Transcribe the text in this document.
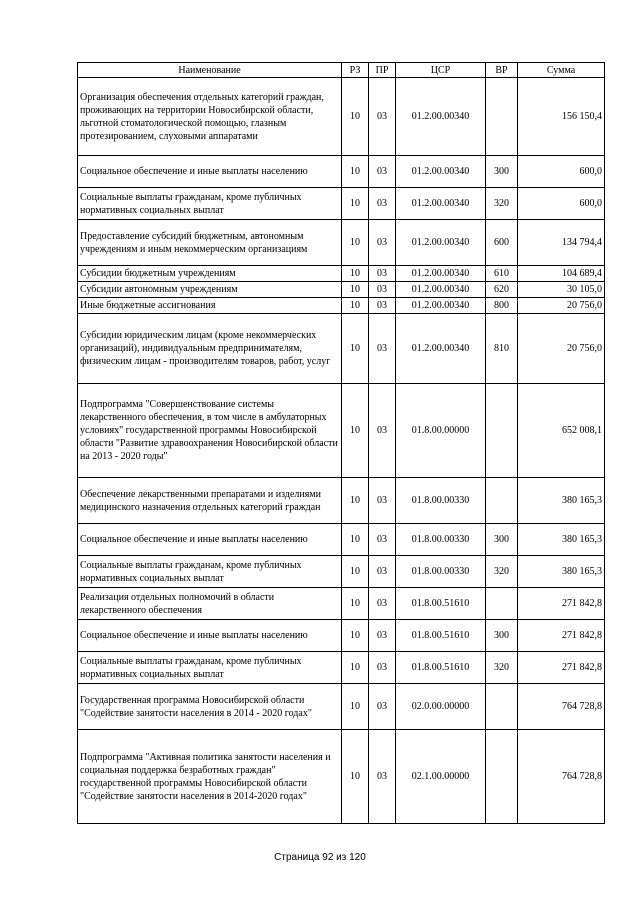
Наименование	РЗ	ПР	ЦСР	ВР	Сумма
Организация обеспечения отдельных категорий граждан, проживающих на территории Новосибирской области, льготной стоматологической помощью, глазным протезированием, слуховыми аппаратами	10	03	01.2.00.00340		156 150,4
Социальное обеспечение и иные выплаты населению	10	03	01.2.00.00340	300	600,0
Социальные выплаты гражданам, кроме публичных нормативных социальных выплат	10	03	01.2.00.00340	320	600,0
Предоставление субсидий бюджетным, автономным учреждениям и иным некоммерческим организациям	10	03	01.2.00.00340	600	134 794,4
Субсидии бюджетным учреждениям	10	03	01.2.00.00340	610	104 689,4
Субсидии автономным учреждениям	10	03	01.2.00.00340	620	30 105,0
Иные бюджетные ассигнования	10	03	01.2.00.00340	800	20 756,0
Субсидии юридическим лицам (кроме некоммерческих организаций), индивидуальным предпринимателям, физическим лицам - производителям товаров, работ, услуг	10	03	01.2.00.00340	810	20 756,0
Подпрограмма "Совершенствование системы лекарственного обеспечения, в том числе в амбулаторных условиях" государственной программы Новосибирской области "Развитие здравоохранения Новосибирской области на 2013 - 2020 годы"	10	03	01.8.00.00000		652 008,1
Обеспечение лекарственными препаратами и изделиями медицинского назначения отдельных категорий граждан	10	03	01.8.00.00330		380 165,3
Социальное обеспечение и иные выплаты населению	10	03	01.8.00.00330	300	380 165,3
Социальные выплаты гражданам, кроме публичных нормативных социальных выплат	10	03	01.8.00.00330	320	380 165,3
Реализация отдельных полномочий в области лекарственного обеспечения	10	03	01.8.00.51610		271 842,8
Социальное обеспечение и иные выплаты населению	10	03	01.8.00.51610	300	271 842,8
Социальные выплаты гражданам, кроме публичных нормативных социальных выплат	10	03	01.8.00.51610	320	271 842,8
Государственная программа Новосибирской области "Содействие занятости населения в 2014 - 2020 годах"	10	03	02.0.00.00000		764 728,8
Подпрограмма "Активная политика занятости населения и социальная поддержка безработных граждан" государственной программы Новосибирской области "Содействие занятости населения в 2014-2020 годах"	10	03	02.1.00.00000		764 728,8
Страница 92 из 120
